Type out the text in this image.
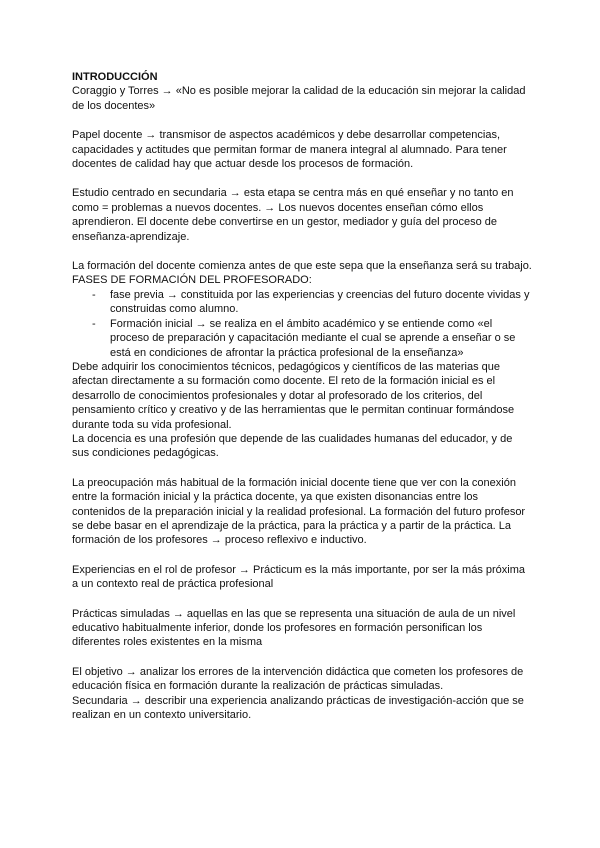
INTRODUCCIÓN

Coraggio y Torres → «No es posible mejorar la calidad de la educación sin mejorar la calidad de los docentes»

Papel docente → transmisor de aspectos académicos y debe desarrollar competencias, capacidades y actitudes que permitan formar de manera integral al alumnado. Para tener docentes de calidad hay que actuar desde los procesos de formación.

Estudio centrado en secundaria → esta etapa se centra más en qué enseñar y no tanto en como = problemas a nuevos docentes. → Los nuevos docentes enseñan cómo ellos aprendieron. El docente debe convertirse en un gestor, mediador y guía del proceso de enseñanza-aprendizaje.

La formación del docente comienza antes de que este sepa que la enseñanza será su trabajo. FASES DE FORMACIÓN DEL PROFESORADO:

- fase previa → constituida por las experiencias y creencias del futuro docente vividas y construidas como alumno.
- Formación inicial → se realiza en el ámbito académico y se entiende como «el proceso de preparación y capacitación mediante el cual se aprende a enseñar o se está en condiciones de afrontar la práctica profesional de la enseñanza»

Debe adquirir los conocimientos técnicos, pedagógicos y científicos de las materias que afectan directamente a su formación como docente. El reto de la formación inicial es el desarrollo de conocimientos profesionales y dotar al profesorado de los criterios, del pensamiento crítico y creativo y de las herramientas que le permitan continuar formándose durante toda su vida profesional.

La docencia es una profesión que depende de las cualidades humanas del educador, y de sus condiciones pedagógicas.

La preocupación más habitual de la formación inicial docente tiene que ver con la conexión entre la formación inicial y la práctica docente, ya que existen disonancias entre los contenidos de la preparación inicial y la realidad profesional. La formación del futuro profesor se debe basar en el aprendizaje de la práctica, para la práctica y a partir de la práctica. La formación de los profesores → proceso reflexivo e inductivo.

Experiencias en el rol de profesor → Prácticum es la más importante, por ser la más próxima a un contexto real de práctica profesional

Prácticas simuladas → aquellas en las que se representa una situación de aula de un nivel educativo habitualmente inferior, donde los profesores en formación personifican los diferentes roles existentes en la misma

El objetivo → analizar los errores de la intervención didáctica que cometen los profesores de educación física en formación durante la realización de prácticas simuladas.

Secundaria → describir una experiencia analizando prácticas de investigación-acción que se realizan en un contexto universitario.
